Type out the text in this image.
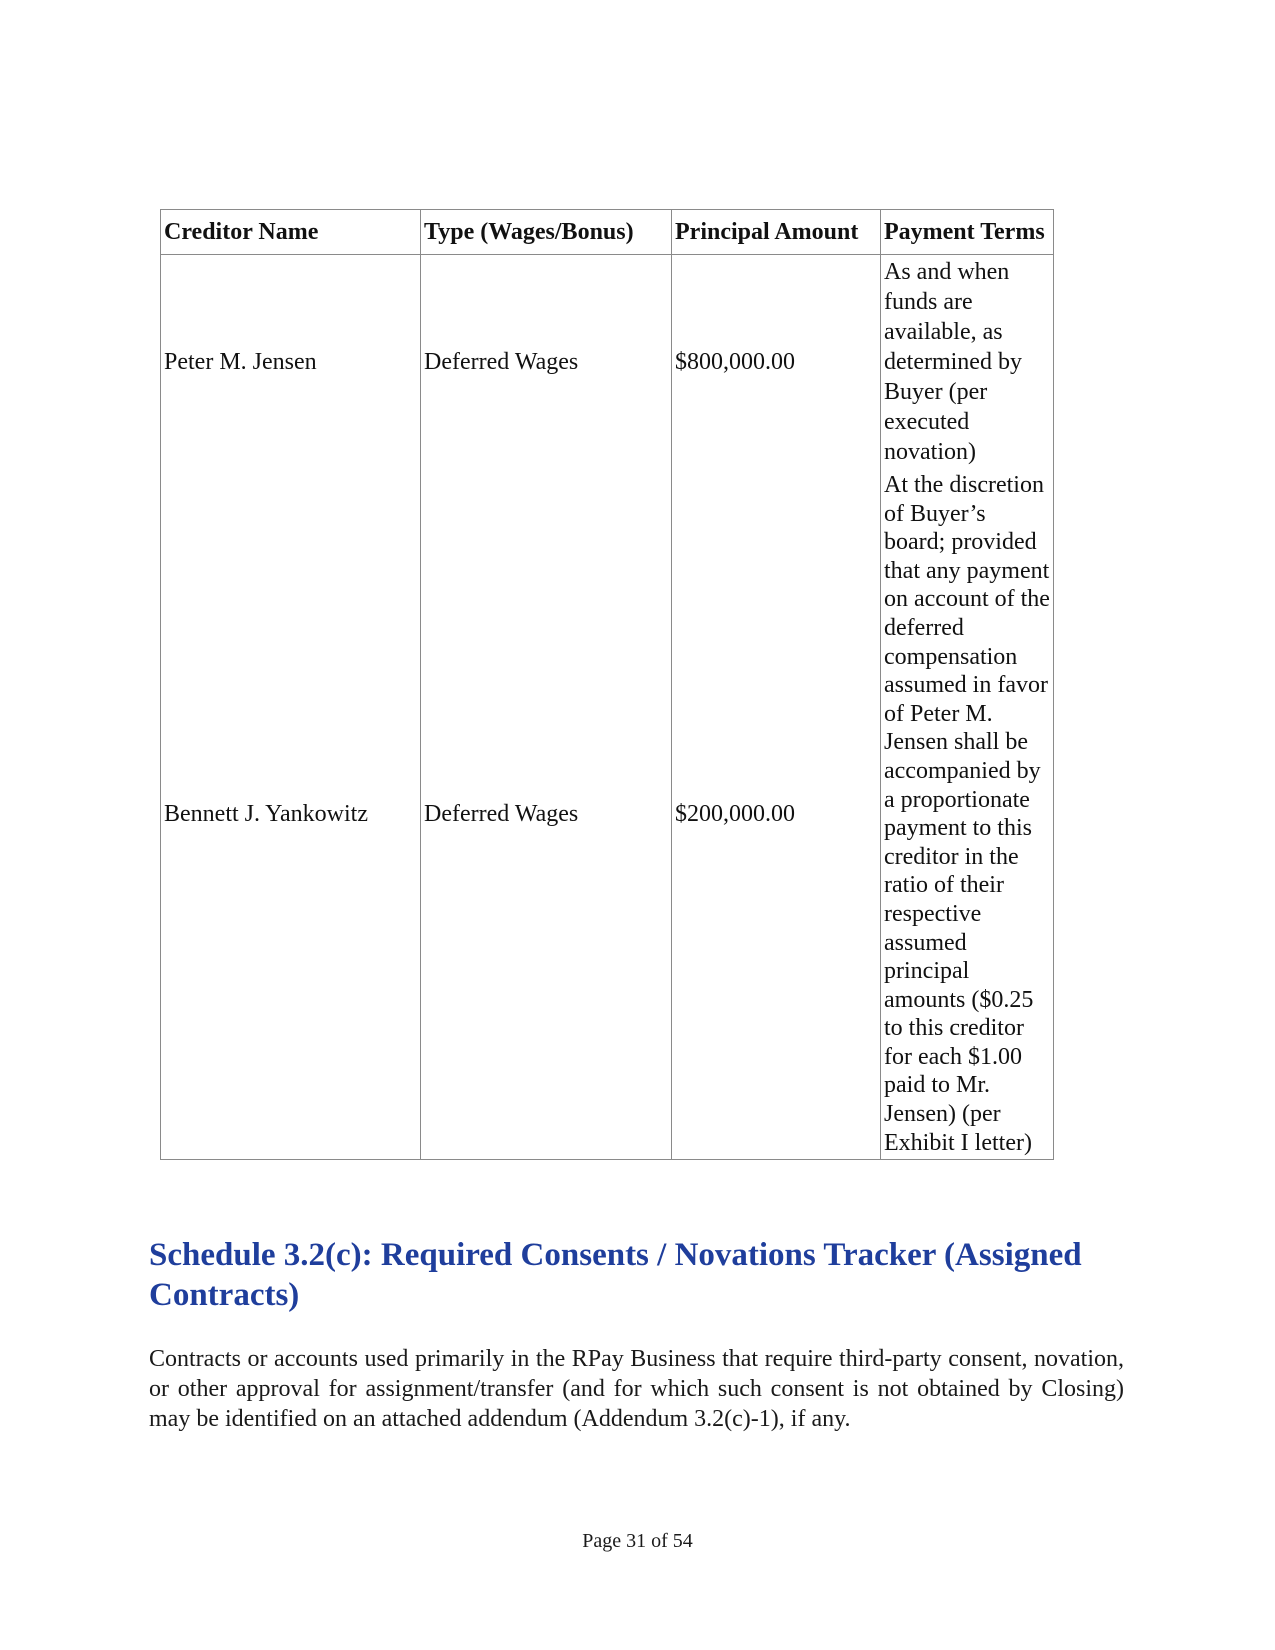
Creditor Name	Type (Wages/Bonus)	Principal Amount	Payment Terms
Peter M. Jensen	Deferred Wages	$800,000.00	As and when funds are available, as determined by Buyer (per executed novation)
Bennett J. Yankowitz	Deferred Wages	$200,000.00	At the discretion of Buyer’s board; provided that any payment on account of the deferred compensation assumed in favor of Peter M. Jensen shall be accompanied by a proportionate payment to this creditor in the ratio of their respective assumed principal amounts ($0.25 to this creditor for each $1.00 paid to Mr. Jensen) (per Exhibit I letter)
Schedule 3.2(c): Required Consents / Novations Tracker (Assigned Contracts)

Contracts or accounts used primarily in the RPay Business that require third-party consent, novation, or other approval for assignment/transfer (and for which such consent is not obtained by Closing) may be identified on an attached addendum (Addendum 3.2(c)-1), if any.

Page 31 of 54
